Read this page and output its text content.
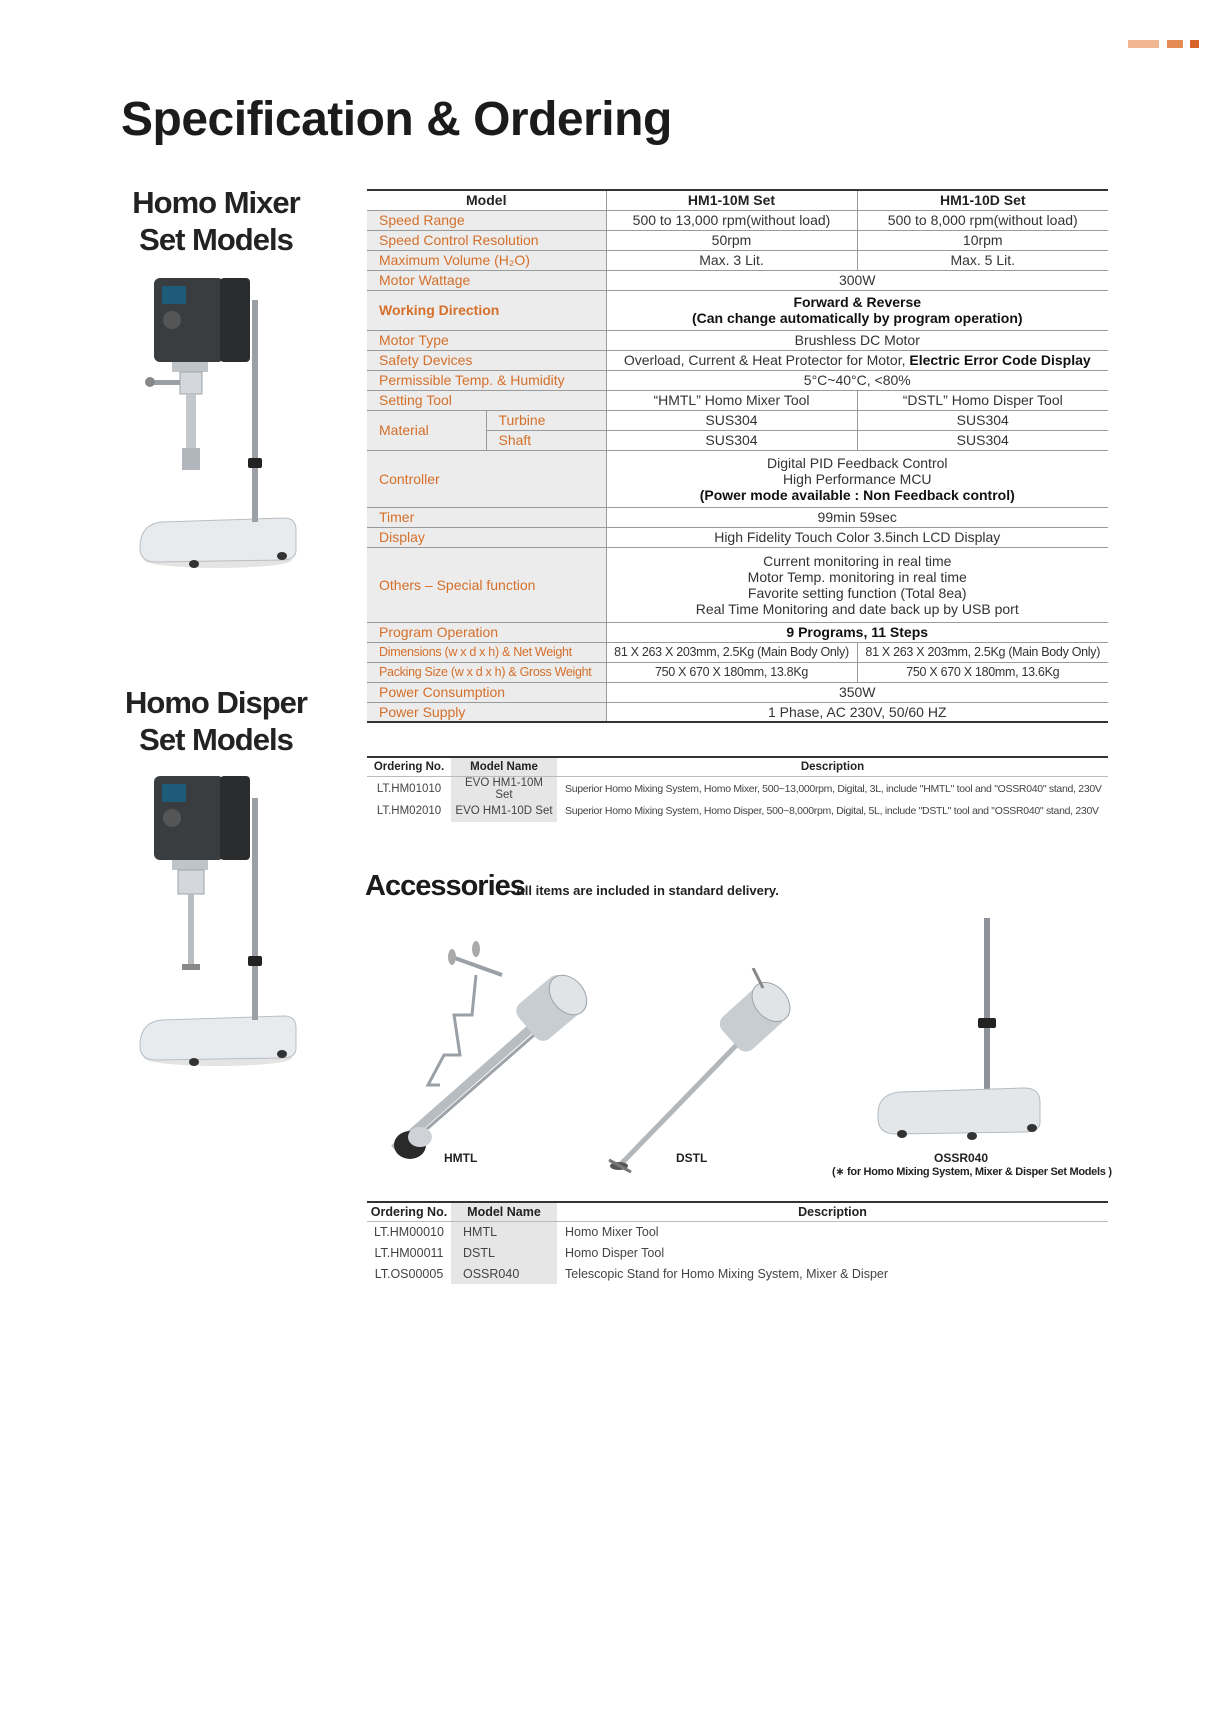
Specification & Ordering
Homo Mixer
Set Models
Homo Disper
Set Models
Model		HM1-10M Set	HM1-10D Set
Speed Range		500 to 13,000 rpm(without load)	500 to 8,000 rpm(without load)
Speed Control Resolution		50rpm	10rpm
Maximum Volume (H₂O)		Max. 3 Lit.	Max. 5 Lit.
Motor Wattage		300W	
Working Direction		Forward & Reverse
(Can change automatically by program operation)	

Motor Type		Brushless DC Motor	
Safety Devices		Overload, Current & Heat Protector for Motor, Electric Error Code Display	
Permissible Temp. & Humidity		5°C~40°C, <80%	
Setting Tool		“HMTL” Homo Mixer Tool	“DSTL” Homo Disper Tool
Material	Turbine	SUS304	SUS304
	Shaft	SUS304	SUS304
Controller		Digital PID Feedback Control
High Performance MCU
(Power mode available : Non Feedback control)	

Timer		99min 59sec	
Display		High Fidelity Touch Color 3.5inch LCD Display	
Others – Special function		Current monitoring in real time
Motor Temp. monitoring in real time
Favorite setting function (Total 8ea)
Real Time Monitoring and date back up by USB port	

Program Operation		9 Programs, 11 Steps	
Dimensions (w x d x h) & Net Weight		81 X 263 X 203mm, 2.5Kg (Main Body Only)	81 X 263 X 203mm, 2.5Kg (Main Body Only)
Packing Size (w x d x h) & Gross Weight		750 X 670 X 180mm, 13.8Kg	750 X 670 X 180mm, 13.6Kg
Power Consumption		350W	
Power Supply		1 Phase, AC 230V, 50/60 HZ	
Ordering No.	Model Name	Description
LT.HM01010	EVO HM1-10M Set	Superior Homo Mixing System, Homo Mixer, 500~13,000rpm, Digital, 3L, include "HMTL" tool and "OSSR040" stand, 230V
LT.HM02010	EVO HM1-10D Set	Superior Homo Mixing System, Homo Disper, 500~8,000rpm, Digital, 5L, include "DSTL" tool and "OSSR040" stand, 230V
Accessories
– All items are included in standard delivery.
HMTL	DSTL	OSSR040
(∗ for Homo Mixing System, Mixer & Disper Set Models )
Ordering No.	Model Name	Description
LT.HM00010	HMTL	Homo Mixer Tool
LT.HM00011	DSTL	Homo Disper Tool
LT.OS00005	OSSR040	Telescopic Stand for Homo Mixing System, Mixer & Disper
